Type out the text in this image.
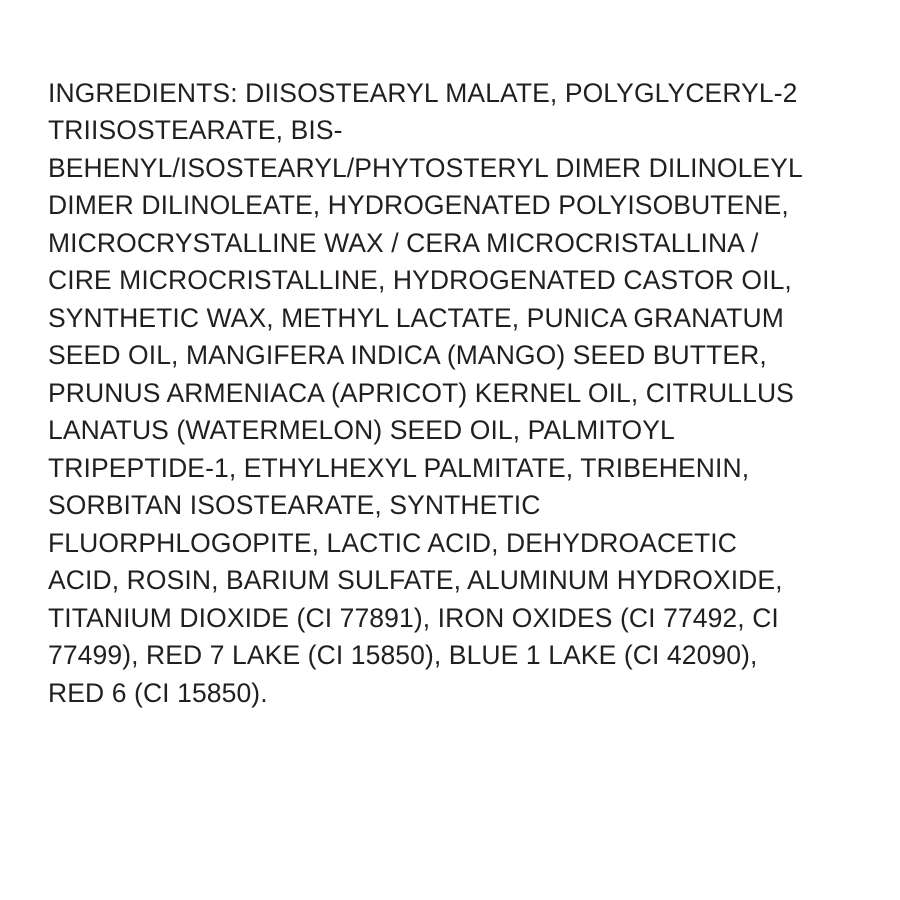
INGREDIENTS: DIISOSTEARYL MALATE, POLYGLYCERYL-2 TRIISOSTEARATE, BIS-BEHENYL/ISOSTEARYL/PHYTOSTERYL DIMER DILINOLEYL DIMER DILINOLEATE, HYDROGENATED POLYISOBUTENE, MICROCRYSTALLINE WAX / CERA MICROCRISTALLINA / CIRE MICROCRISTALLINE, HYDROGENATED CASTOR OIL, SYNTHETIC WAX, METHYL LACTATE, PUNICA GRANATUM SEED OIL, MANGIFERA INDICA (MANGO) SEED BUTTER, PRUNUS ARMENIACA (APRICOT) KERNEL OIL, CITRULLUS LANATUS (WATERMELON) SEED OIL, PALMITOYL TRIPEPTIDE-1, ETHYLHEXYL PALMITATE, TRIBEHENIN, SORBITAN ISOSTEARATE, SYNTHETIC FLUORPHLOGOPITE, LACTIC ACID, DEHYDROACETIC ACID, ROSIN, BARIUM SULFATE, ALUMINUM HYDROXIDE, TITANIUM DIOXIDE (CI 77891), IRON OXIDES (CI 77492, CI 77499), RED 7 LAKE (CI 15850), BLUE 1 LAKE (CI 42090), RED 6 (CI 15850).
